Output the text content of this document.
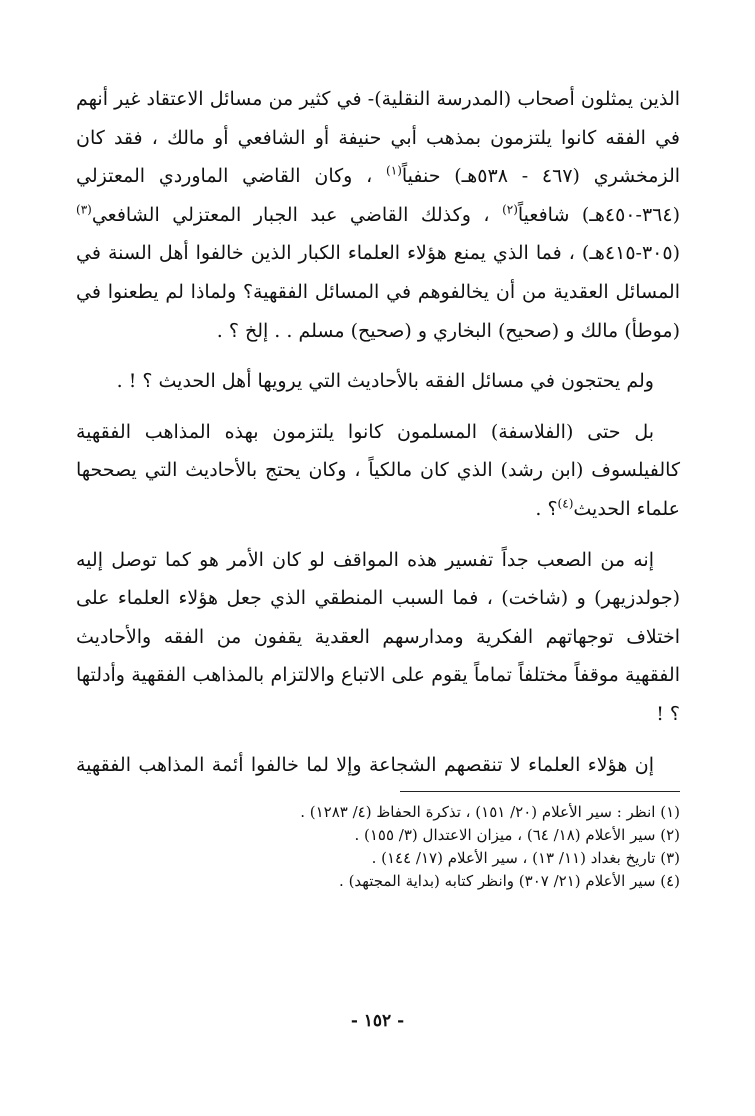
الذين يمثلون أصحاب (المدرسة النقلية)- في كثير من مسائل الاعتقاد غير أنهم في الفقه كانوا يلتزمون بمذهب أبي حنيفة أو الشافعي أو مالك ، فقد كان الزمخشري (٤٦٧ - ٥٣٨هـ) حنفياً$^{(١)}$ ، وكان القاضي الماوردي المعتزلي (٣٦٤-٤٥٠هـ) شافعياً$^{(٢)}$ ، وكذلك القاضي عبد الجبار المعتزلي الشافعي$^{(٣)}$ (٣٠٥-٤١٥هـ) ، فما الذي يمنع هؤلاء العلماء الكبار الذين خالفوا أهل السنة في المسائل العقدية من أن يخالفوهم في المسائل الفقهية؟ ولماذا لم يطعنوا في (موطأ) مالك و (صحيح) البخاري و (صحيح) مسلم . . إلخ ؟ .

ولم يحتجون في مسائل الفقه بالأحاديث التي يرويها أهل الحديث ؟ ! .

بل حتى (الفلاسفة) المسلمون كانوا يلتزمون بهذه المذاهب الفقهية كالفيلسوف (ابن رشد) الذي كان مالكياً ، وكان يحتج بالأحاديث التي يصححها علماء الحديث$^{(٤)}$؟ .

إنه من الصعب جداً تفسير هذه المواقف لو كان الأمر هو كما توصل إليه (جولدزيهر) و (شاخت) ، فما السبب المنطقي الذي جعل هؤلاء العلماء على اختلاف توجهاتهم الفكرية ومدارسهم العقدية يقفون من الفقه والأحاديث الفقهية موقفاً مختلفاً تماماً يقوم على الاتباع والالتزام بالمذاهب الفقهية وأدلتها ؟ !

إن هؤلاء العلماء لا تنقصهم الشجاعة وإلا لما خالفوا أئمة المذاهب الفقهية

(١) انظر : سير الأعلام (٢٠/ ١٥١) ، تذكرة الحفاظ (٤/ ١٢٨٣) .

(٢) سير الأعلام (١٨/ ٦٤) ، ميزان الاعتدال (٣/ ١٥٥) .

(٣) تاريخ بغداد (١١/ ١٣) ، سير الأعلام (١٧/ ١٤٤) .

(٤) سير الأعلام (٢١/ ٣٠٧) وانظر كتابه (بداية المجتهد) .

- ١٥٢ -
